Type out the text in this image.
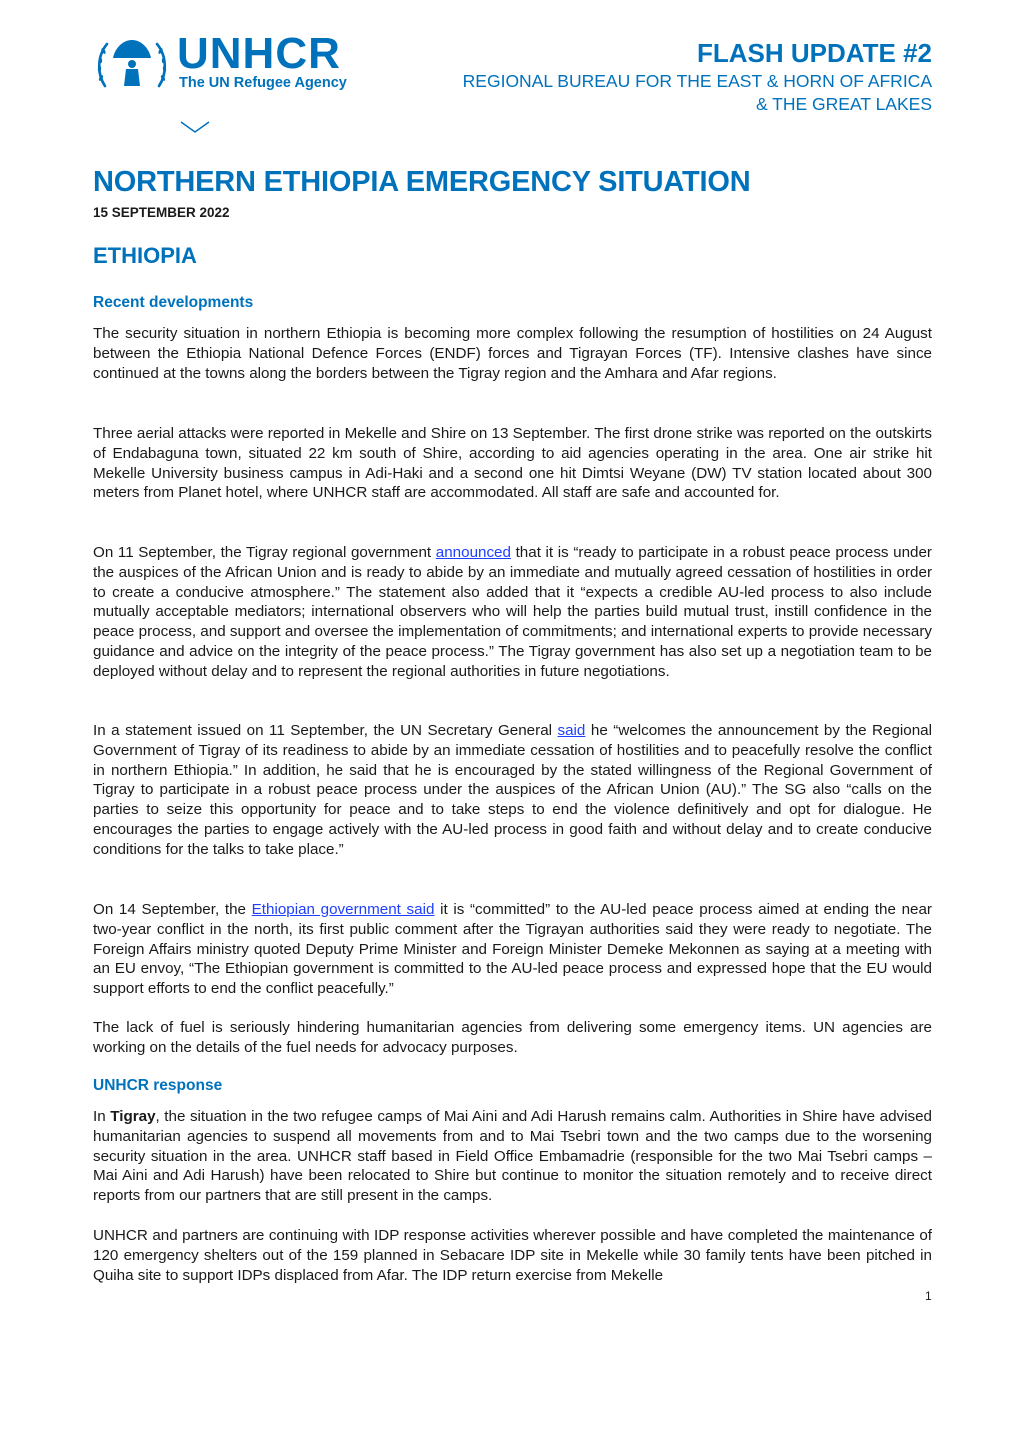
UNHCR
The UN Refugee Agency
FLASH UPDATE #2
REGIONAL BUREAU FOR THE EAST & HORN OF AFRICA & THE GREAT LAKES
NORTHERN ETHIOPIA EMERGENCY SITUATION
15 SEPTEMBER 2022
ETHIOPIA
Recent developments

The security situation in northern Ethiopia is becoming more complex following the resumption of hostilities on 24 August between the Ethiopia National Defence Forces (ENDF) forces and Tigrayan Forces (TF). Intensive clashes have since continued at the towns along the borders between the Tigray region and the Amhara and Afar regions.

Three aerial attacks were reported in Mekelle and Shire on 13 September. The first drone strike was reported on the outskirts of Endabaguna town, situated 22 km south of Shire, according to aid agencies operating in the area. One air strike hit Mekelle University business campus in Adi-Haki and a second one hit Dimtsi Weyane (DW) TV station located about 300 meters from Planet hotel, where UNHCR staff are accommodated. All staff are safe and accounted for.

On 11 September, the Tigray regional government announced that it is “ready to participate in a robust peace process under the auspices of the African Union and is ready to abide by an immediate and mutually agreed cessation of hostilities in order to create a conducive atmosphere.” The statement also added that it “expects a credible AU-led process to also include mutually acceptable mediators; international observers who will help the parties build mutual trust, instill confidence in the peace process, and support and oversee the implementation of commitments; and international experts to provide necessary guidance and advice on the integrity of the peace process.” The Tigray government has also set up a negotiation team to be deployed without delay and to represent the regional authorities in future negotiations.

In a statement issued on 11 September, the UN Secretary General said he “welcomes the announcement by the Regional Government of Tigray of its readiness to abide by an immediate cessation of hostilities and to peacefully resolve the conflict in northern Ethiopia.” In addition, he said that he is encouraged by the stated willingness of the Regional Government of Tigray to participate in a robust peace process under the auspices of the African Union (AU).” The SG also “calls on the parties to seize this opportunity for peace and to take steps to end the violence definitively and opt for dialogue. He encourages the parties to engage actively with the AU-led process in good faith and without delay and to create conducive conditions for the talks to take place.”

On 14 September, the Ethiopian government said it is “committed” to the AU-led peace process aimed at ending the near two-year conflict in the north, its first public comment after the Tigrayan authorities said they were ready to negotiate. The Foreign Affairs ministry quoted Deputy Prime Minister and Foreign Minister Demeke Mekonnen as saying at a meeting with an EU envoy, “The Ethiopian government is committed to the AU-led peace process and expressed hope that the EU would support efforts to end the conflict peacefully.”

The lack of fuel is seriously hindering humanitarian agencies from delivering some emergency items. UN agencies are working on the details of the fuel needs for advocacy purposes.

UNHCR response

In Tigray, the situation in the two refugee camps of Mai Aini and Adi Harush remains calm. Authorities in Shire have advised humanitarian agencies to suspend all movements from and to Mai Tsebri town and the two camps due to the worsening security situation in the area. UNHCR staff based in Field Office Embamadrie (responsible for the two Mai Tsebri camps – Mai Aini and Adi Harush) have been relocated to Shire but continue to monitor the situation remotely and to receive direct reports from our partners that are still present in the camps.

UNHCR and partners are continuing with IDP response activities wherever possible and have completed the maintenance of 120 emergency shelters out of the 159 planned in Sebacare IDP site in Mekelle while 30 family tents have been pitched in Quiha site to support IDPs displaced from Afar. The IDP return exercise from Mekelle

1
